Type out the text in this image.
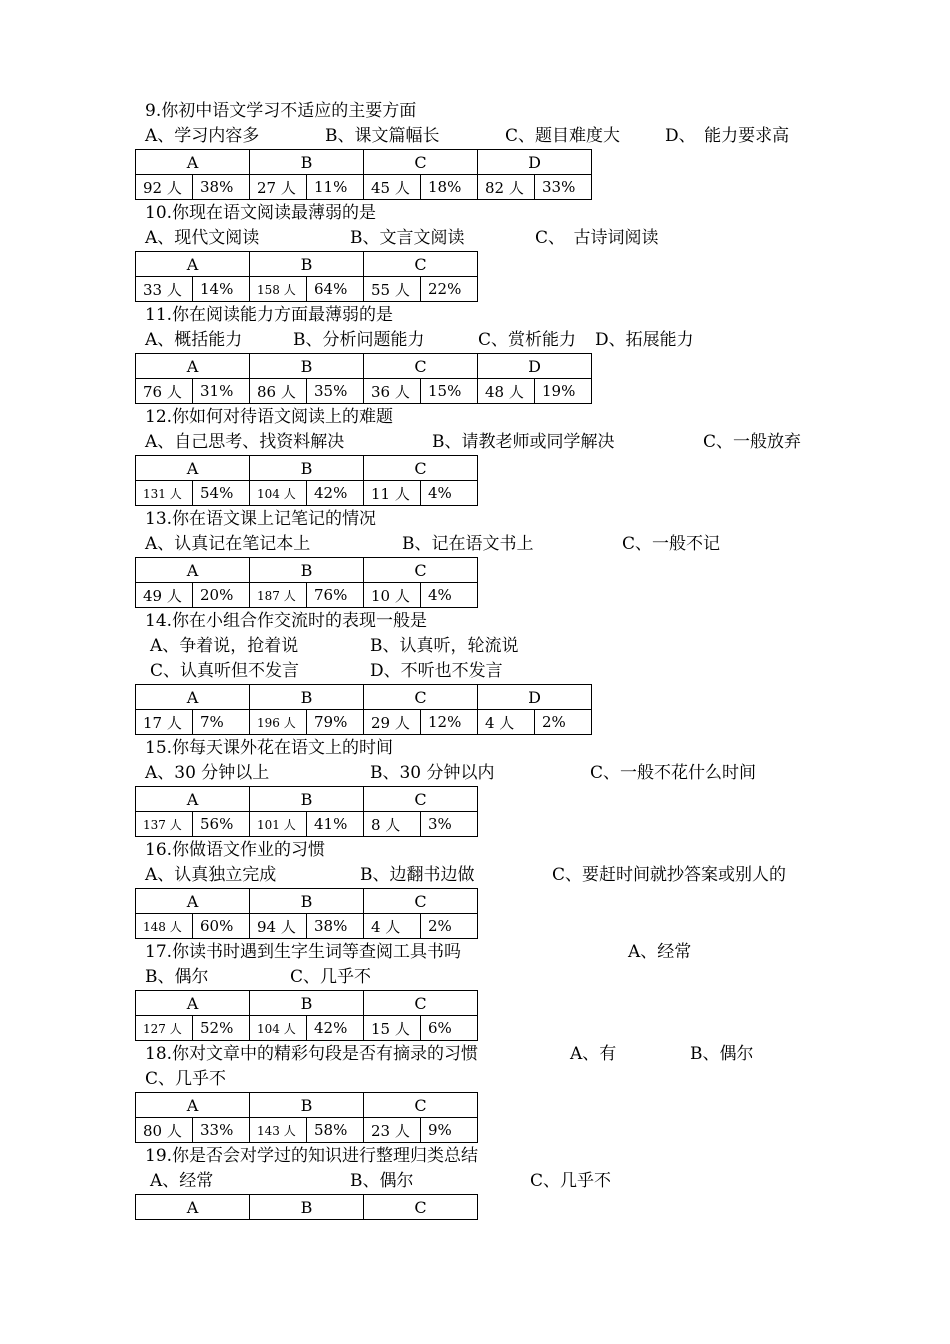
9.你初中语文学习不适应的主要方面
A、学习内容多	B、课文篇幅长	C、题目难度大	D、　能力要求高
A		B		C		D	
92 人	38%	27 人	11%	45 人	18%	82 人	33%
10.你现在语文阅读最薄弱的是
A、现代文阅读	B、文言文阅读	C、　古诗词阅读
A		B		C	
33 人	14%	158 人	64%	55 人	22%
11.你在阅读能力方面最薄弱的是
A、概括能力	B、分析问题能力	C、赏析能力 D、拓展能力
A		B		C		D	
76 人	31%	86 人	35%	36 人	15%	48 人	19%
12.你如何对待语文阅读上的难题
A、自己思考、找资料解决	B、请教老师或同学解决	C、一般放弃
A		B		C	
131 人	54%	104 人	42%	11 人	4%
13.你在语文课上记笔记的情况
A、认真记在笔记本上	B、记在语文书上	C、一般不记
A		B		C	
49 人	20%	187 人	76%	10 人	4%
14.你在小组合作交流时的表现一般是
A、争着说，抢着说	B、认真听，轮流说
C、认真听但不发言	D、不听也不发言
A		B		C		D	
17 人	7%	196 人	79%	29 人	12%	4 人	2%
15.你每天课外花在语文上的时间
A、30 分钟以上	B、30 分钟以内	C、一般不花什么时间
A		B		C	
137 人	56%	101 人	41%	8 人	3%
16.你做语文作业的习惯
A、认真独立完成	B、边翻书边做	C、要赶时间就抄答案或别人的
A		B		C	
148 人	60%	94 人	38%	4 人	2%
17.你读书时遇到生字生词等查阅工具书吗	A、经常
B、偶尔	C、几乎不
A		B		C	
127 人	52%	104 人	42%	15 人	6%
18.你对文章中的精彩句段是否有摘录的习惯	A、有	B、偶尔
C、几乎不
A		B		C	
80 人	33%	143 人	58%	23 人	9%
19.你是否会对学过的知识进行整理归类总结
A、经常	B、偶尔	C、几乎不
A	B	C
